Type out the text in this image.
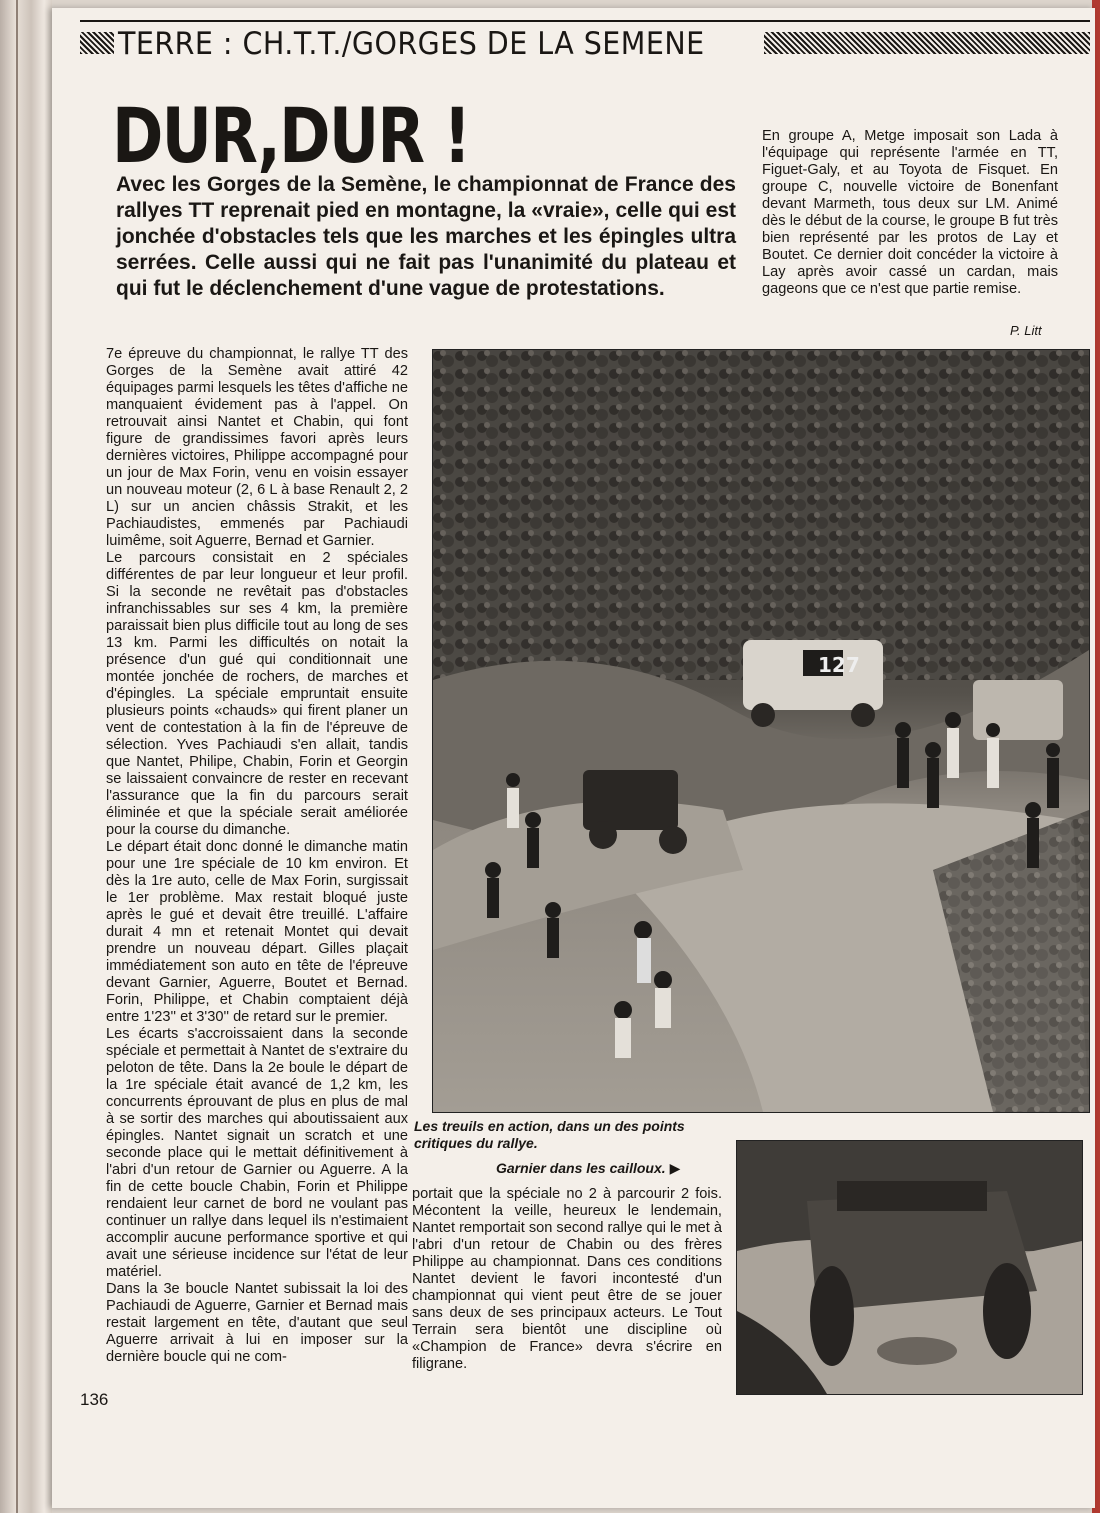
TERRE : CH.T.T./GORGES DE LA SEMENE
DUR,DUR !
Avec les Gorges de la Semène, le championnat de France des rallyes TT reprenait pied en montagne, la «vraie», celle qui est jonchée d'obstacles tels que les marches et les épingles ultra serrées. Celle aussi qui ne fait pas l'unanimité du plateau et qui fut le déclenchement d'une vague de protestations.

En groupe A, Metge imposait son Lada à l'équipage qui représente l'armée en TT, Figuet-Galy, et au Toyota de Fisquet. En groupe C, nouvelle victoire de Bonenfant devant Marmeth, tous deux sur LM. Animé dès le début de la course, le groupe B fut très bien représenté par les protos de Lay et Boutet. Ce dernier doit concéder la victoire à Lay après avoir cassé un cardan, mais gageons que ce n'est que partie remise.

P. Litt

7e épreuve du championnat, le rallye TT des Gorges de la Semène avait attiré 42 équipages parmi lesquels les têtes d'affiche ne manquaient évidement pas à l'appel. On retrouvait ainsi Nantet et Chabin, qui font figure de grandissimes favori après leurs dernières victoires, Philippe accompagné pour un jour de Max Forin, venu en voisin essayer un nouveau moteur (2, 6 L à base Renault 2, 2 L) sur un ancien châssis Strakit, et les Pachiaudistes, emmenés par Pachiaudi luimême, soit Aguerre, Bernad et Garnier.

Le parcours consistait en 2 spéciales différentes de par leur longueur et leur profil. Si la seconde ne revêtait pas d'obstacles infranchissables sur ses 4 km, la première paraissait bien plus difficile tout au long de ses 13 km. Parmi les difficultés on notait la présence d'un gué qui conditionnait une montée jonchée de rochers, de marches et d'épingles. La spéciale empruntait ensuite plusieurs points «chauds» qui firent planer un vent de contestation à la fin de l'épreuve de sélection. Yves Pachiaudi s'en allait, tandis que Nantet, Philipe, Chabin, Forin et Georgin se laissaient convaincre de rester en recevant l'assurance que la fin du parcours serait éliminée et que la spéciale serait améliorée pour la course du dimanche.

Le départ était donc donné le dimanche matin pour une 1re spéciale de 10 km environ. Et dès la 1re auto, celle de Max Forin, surgissait le 1er problème. Max restait bloqué juste après le gué et devait être treuillé. L'affaire durait 4 mn et retenait Montet qui devait prendre un nouveau départ. Gilles plaçait immédiatement son auto en tête de l'épreuve devant Garnier, Aguerre, Boutet et Bernad. Forin, Philippe, et Chabin comptaient déjà entre 1'23'' et 3'30'' de retard sur le premier.

Les écarts s'accroissaient dans la seconde spéciale et permettait à Nantet de s'extraire du peloton de tête. Dans la 2e boule le départ de la 1re spéciale était avancé de 1,2 km, les concurrents éprouvant de plus en plus de mal à se sortir des marches qui aboutissaient aux épingles. Nantet signait un scratch et une seconde place qui le mettait définitivement à l'abri d'un retour de Garnier ou Aguerre. A la fin de cette boucle Chabin, Forin et Philippe rendaient leur carnet de bord ne voulant pas continuer un rallye dans lequel ils n'estimaient accomplir aucune performance sportive et qui avait une sérieuse incidence sur l'état de leur matériel.

Dans la 3e boucle Nantet subissait la loi des Pachiaudi de Aguerre, Garnier et Bernad mais restait largement en tête, d'autant que seul Aguerre arrivait à lui en imposer sur la dernière boucle qui ne com-

127
Les treuils en action, dans un des points critiques du rallye.
Garnier dans les cailloux. ▶

portait que la spéciale no 2 à parcourir 2 fois. Mécontent la veille, heureux le lendemain, Nantet remportait son second rallye qui le met à l'abri d'un retour de Chabin ou des frères Philippe au championnat. Dans ces conditions Nantet devient le favori incontesté d'un championnat qui vient peut être de se jouer sans deux de ses principaux acteurs. Le Tout Terrain sera bientôt une discipline où «Champion de France» devra s'écrire en filigrane.

136
